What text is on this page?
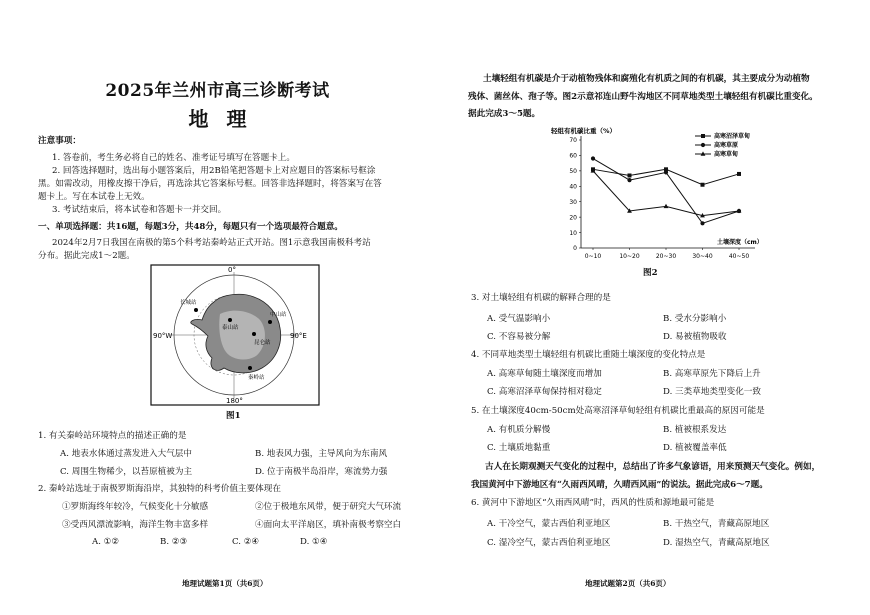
2025年兰州市高三诊断考试
地理
注意事项：
1. 答卷前，考生务必将自己的姓名、准考证号填写在答题卡上。
2. 回答选择题时，选出每小题答案后，用2B铅笔把答题卡上对应题目的答案标号框涂
黑。如需改动，用橡皮擦干净后，再选涂其它答案标号框。回答非选择题时，将答案写在答
题卡上。写在本试卷上无效。
3. 考试结束后，将本试卷和答题卡一并交回。
一、单项选择题：共16题，每题3分，共48分，每题只有一个选项最符合题意。
2024年2月7日我国在南极的第5个科考站秦岭站正式开站。图1示意我国南极科考站
分布。据此完成1～2题。
0°
90°W	90°E
180°
长城站
中山站
昆仑站
泰山站
秦岭站
图1
1. 有关秦岭站环境特点的描述正确的是
A. 地表水体通过蒸发进入大气层中	B. 地表风力强，主导风向为东南风
C. 周围生物稀少，以苔原植被为主	D. 位于南极半岛沿岸，寒流势力强
2. 秦岭站选址于南极罗斯海沿岸，其独特的科考价值主要体现在
①罗斯海终年较冷，气候变化十分敏感	②位于极地东风带，便于研究大气环流
③受西风漂流影响，海洋生物丰富多样	④面向太平洋扇区，填补南极考察空白
A. ①②	B. ②③	C. ②④	D. ①④
地理试题第1页（共6页）
土壤轻组有机碳是介于动植物残体和腐殖化有机质之间的有机碳，其主要成分为动植物
残体、菌丝体、孢子等。图2示意祁连山野牛沟地区不同草地类型土壤轻组有机碳比重变化。
据此完成3～5题。
轻组有机碳比重（%）
0
10
20
30
40
50
60
70
0~10	10~20	20~30	30~40	40~50
高寒沼泽草甸
高寒草原
高寒草甸
土壤深度（cm）
图2
3. 对土壤轻组有机碳的解释合理的是
A. 受气温影响小	B. 受水分影响小
C. 不容易被分解	D. 易被植物吸收
4. 不同草地类型土壤轻组有机碳比重随土壤深度的变化特点是
A. 高寒草甸随土壤深度而增加	B. 高寒草原先下降后上升
C. 高寒沼泽草甸保持相对稳定	D. 三类草地类型变化一致
5. 在土壤深度40cm-50cm处高寒沼泽草甸轻组有机碳比重最高的原因可能是
A. 有机质分解慢	B. 植被根系发达
C. 土壤质地黏重	D. 植被覆盖率低
古人在长期观测天气变化的过程中，总结出了许多气象谚语，用来预测天气变化。例如，
我国黄河中下游地区有“久雨西风晴，久晴西风雨”的说法。据此完成6～7题。
6. 黄河中下游地区“久雨西风晴”时，西风的性质和源地最可能是
A. 干冷空气，蒙古西伯利亚地区	B. 干热空气，青藏高原地区
C. 湿冷空气，蒙古西伯利亚地区	D. 湿热空气，青藏高原地区
地理试题第2页（共6页）
